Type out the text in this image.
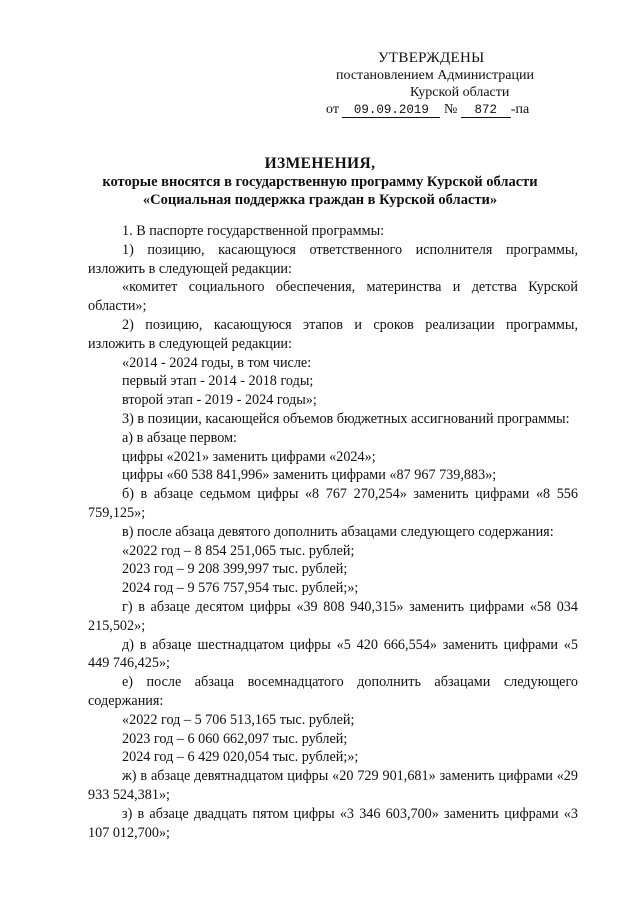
УТВЕРЖДЕНЫ
постановлением Администрации
Курской области
от 09.09.2019 № 872 -па
ИЗМЕНЕНИЯ,
которые вносятся в государственную программу Курской области
«Социальная поддержка граждан в Курской области»
1. В паспорте государственной программы:
1) позицию, касающуюся ответственного исполнителя программы, изложить в следующей редакции:
«комитет социального обеспечения, материнства и детства Курской области»;
2) позицию, касающуюся этапов и сроков реализации программы, изложить в следующей редакции:
«2014 - 2024 годы, в том числе:
первый этап - 2014 - 2018 годы;
второй этап - 2019 - 2024 годы»;
3) в позиции, касающейся объемов бюджетных ассигнований программы:
а) в абзаце первом:
цифры «2021» заменить цифрами «2024»;
цифры «60 538 841,996» заменить цифрами «87 967 739,883»;
б) в абзаце седьмом цифры «8 767 270,254» заменить цифрами «8 556 759,125»;
в) после абзаца девятого дополнить абзацами следующего содержания:
«2022 год – 8 854 251,065 тыс. рублей;
2023 год – 9 208 399,997 тыс. рублей;
2024 год – 9 576 757,954 тыс. рублей;»;
г) в абзаце десятом цифры «39 808 940,315» заменить цифрами «58 034 215,502»;
д) в абзаце шестнадцатом цифры «5 420 666,554» заменить цифрами «5 449 746,425»;
е) после абзаца восемнадцатого дополнить абзацами следующего содержания:
«2022 год – 5 706 513,165 тыс. рублей;
2023 год – 6 060 662,097 тыс. рублей;
2024 год – 6 429 020,054 тыс. рублей;»;
ж) в абзаце девятнадцатом цифры «20 729 901,681» заменить цифрами «29 933 524,381»;
з) в абзаце двадцать пятом цифры «3 346 603,700» заменить цифрами «3 107 012,700»;
